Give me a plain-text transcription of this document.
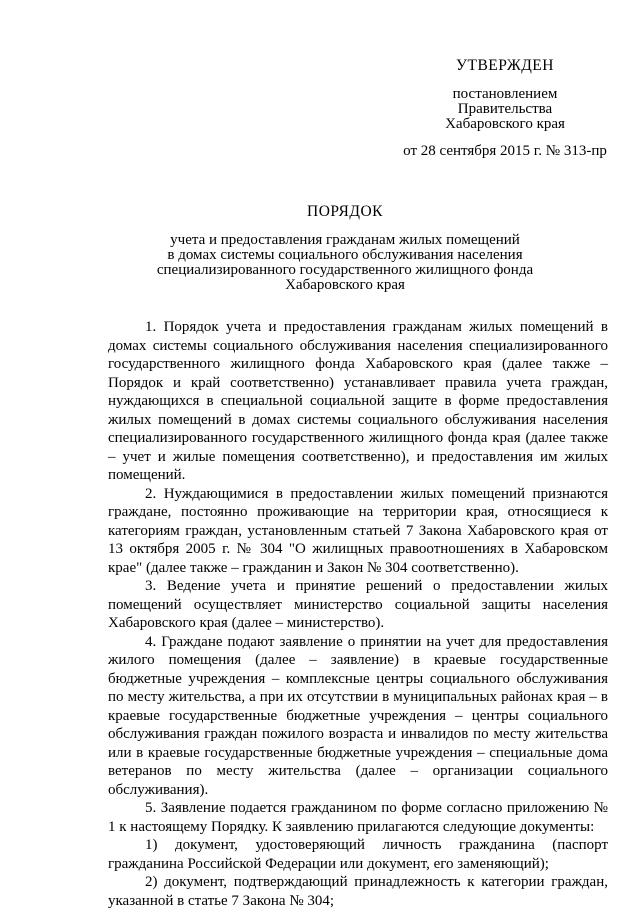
УТВЕРЖДЕН
постановлением
Правительства
Хабаровского края
от 28 сентября 2015 г. № 313-пр
ПОРЯДОК
учета и предоставления гражданам жилых помещений
в домах системы социального обслуживания населения
специализированного государственного жилищного фонда
Хабаровского края

1. Порядок учета и предоставления гражданам жилых помещений в домах системы социального обслуживания населения специализированного государственного жилищного фонда Хабаровского края (далее также – Порядок и край соответственно) устанавливает правила учета граждан, нуждающихся в специальной социальной защите в форме предоставления жилых помещений в домах системы социального обслуживания населения специализированного государственного жилищного фонда края (далее также – учет и жилые помещения соответственно), и предоставления им жилых помещений.

2. Нуждающимися в предоставлении жилых помещений признаются граждане, постоянно проживающие на территории края, относящиеся к категориям граждан, установленным статьей 7 Закона Хабаровского края от 13 октября 2005 г. № 304 "О жилищных правоотношениях в Хабаровском крае" (далее также – гражданин и Закон № 304 соответственно).

3. Ведение учета и принятие решений о предоставлении жилых помещений осуществляет министерство социальной защиты населения Хабаровского края (далее – министерство).

4. Граждане подают заявление о принятии на учет для предоставления жилого помещения (далее – заявление) в краевые государственные бюджетные учреждения – комплексные центры социального обслуживания по месту жительства, а при их отсутствии в муниципальных районах края – в краевые государственные бюджетные учреждения – центры социального обслуживания граждан пожилого возраста и инвалидов по месту жительства или в краевые государственные бюджетные учреждения – специальные дома ветеранов по месту жительства (далее – организации социального обслуживания).

5. Заявление подается гражданином по форме согласно приложению № 1 к настоящему Порядку. К заявлению прилагаются следующие документы:

1) документ, удостоверяющий личность гражданина (паспорт гражданина Российской Федерации или документ, его заменяющий);

2) документ, подтверждающий принадлежность к категории граждан, указанной в статье 7 Закона № 304;
